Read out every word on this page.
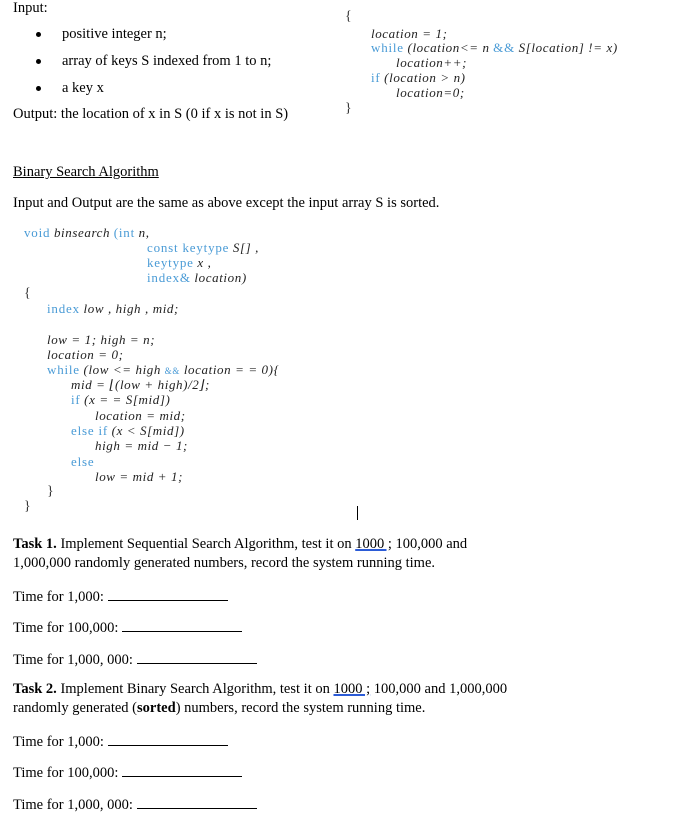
Input:
positive integer n;
array of keys S indexed from 1 to n;
a key x
Output: the location of x in S (0 if x is not in S)
{
location = 1;
while (location<= n && S[location] != x)
location++;
if (location > n)
location=0;
}
Binary Search Algorithm
Input and Output are the same as above except the input array S is sorted.
void binsearch (int n,
const keytype S[] ,
keytype x ,
index& location)
{
index low , high , mid;
low = 1; high = n;
location = 0;
while (low <= high && location = = 0){
mid = ⌊(low + high)/2⌋;
if (x = = S[mid])
location = mid;
else if (x < S[mid])
high = mid − 1;
else
low = mid + 1;
}
}
Task 1. Implement Sequential Search Algorithm, test it on 1000 ; 100,000 and
1,000,000 randomly generated numbers, record the system running time.
Time for 1,000:
Time for 100,000:
Time for 1,000, 000:
Task 2. Implement Binary Search Algorithm, test it on 1000 ; 100,000 and 1,000,000
randomly generated (sorted) numbers, record the system running time.
Time for 1,000:
Time for 100,000:
Time for 1,000, 000:
